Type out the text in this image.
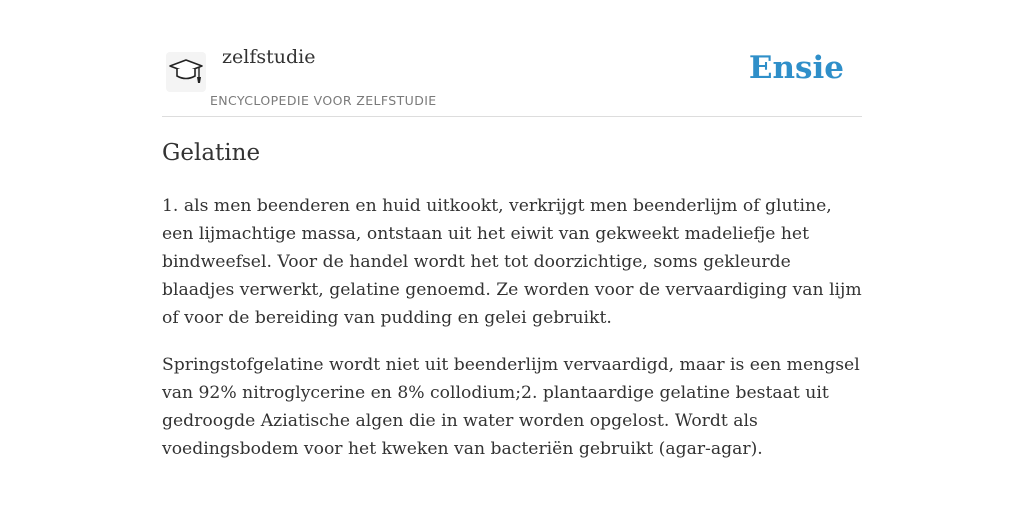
zelfstudie
ENCYCLOPEDIE VOOR ZELFSTUDIE
Ensie
Gelatine

1. als men beenderen en huid uitkookt, verkrijgt men beenderlijm of glutine, een lijmachtige massa, ontstaan uit het eiwit van gekweekt madeliefje het bindweefsel. Voor de handel wordt het tot doorzichtige, soms gekleurde blaadjes verwerkt, gelatine genoemd. Ze worden voor de vervaardiging van lijm of voor de bereiding van pudding en gelei gebruikt.

Springstofgelatine wordt niet uit beenderlijm vervaardigd, maar is een mengsel van 92% nitroglycerine en 8% collodium;2. plantaardige gelatine bestaat uit gedroogde Aziatische algen die in water worden opgelost. Wordt als voedingsbodem voor het kweken van bacteriën gebruikt (agar-agar).
